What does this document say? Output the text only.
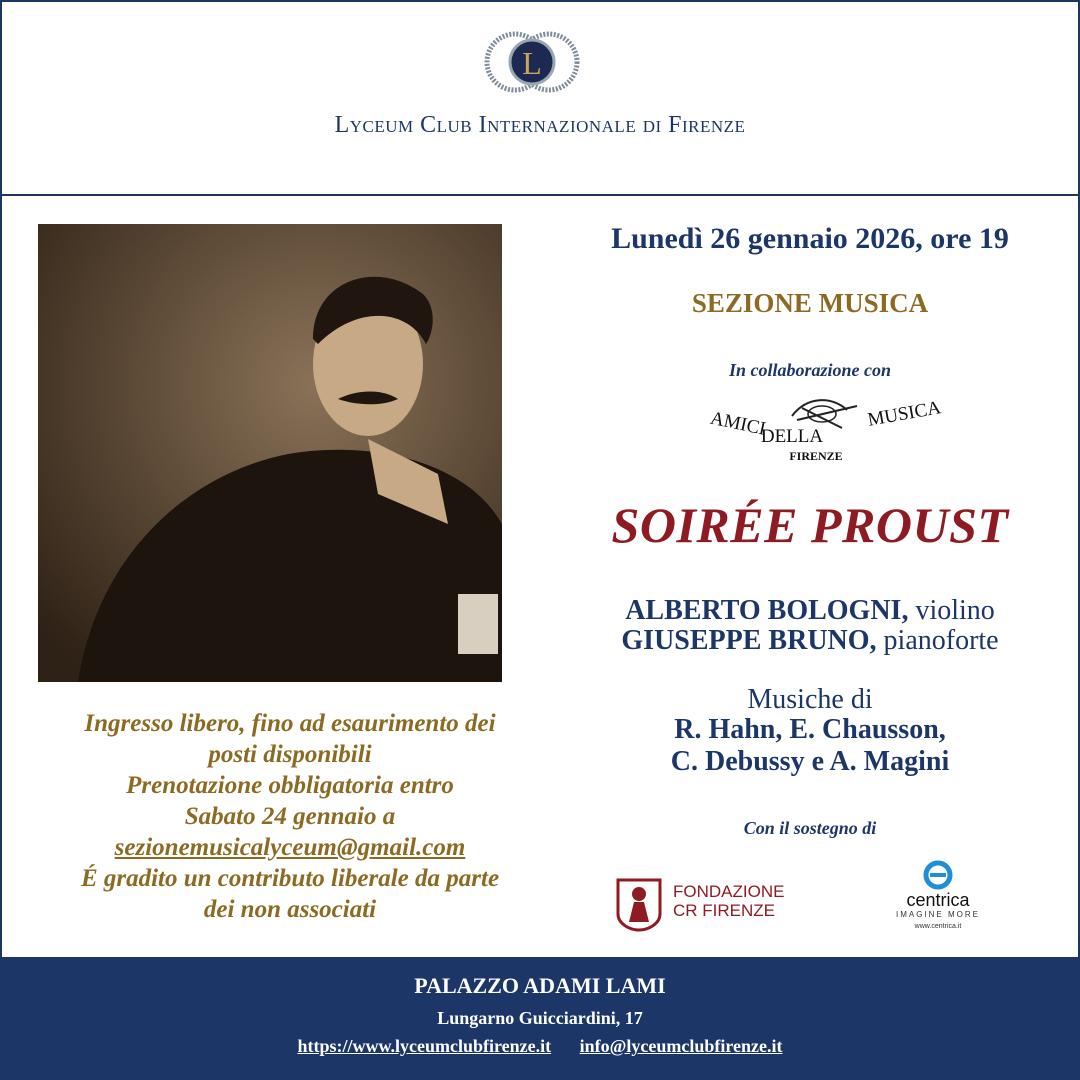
L
Lyceum Club Internazionale di Firenze
Ingresso libero, fino ad esaurimento dei
posti disponibili
Prenotazione obbligatoria entro
Sabato 24 gennaio a
sezionemusicalyceum@gmail.com
É gradito un contributo liberale da parte
dei non associati
Lunedì 26 gennaio 2026, ore 19
SEZIONE MUSICA
In collaborazione con
AMICI
DELLA
MUSICA
FIRENZE
SOIRÉE PROUST
ALBERTO BOLOGNI, violino
GIUSEPPE BRUNO, pianoforte
Musiche di
R. Hahn, E. Chausson,
C. Debussy e A. Magini
Con il sostegno di
FONDAZIONE
CR FIRENZE
centrica
IMAGINE MORE
www.centrica.it
PALAZZO ADAMI LAMI
Lungarno Guicciardini, 17
https://www.lyceumclubfirenze.it info@lyceumclubfirenze.it
